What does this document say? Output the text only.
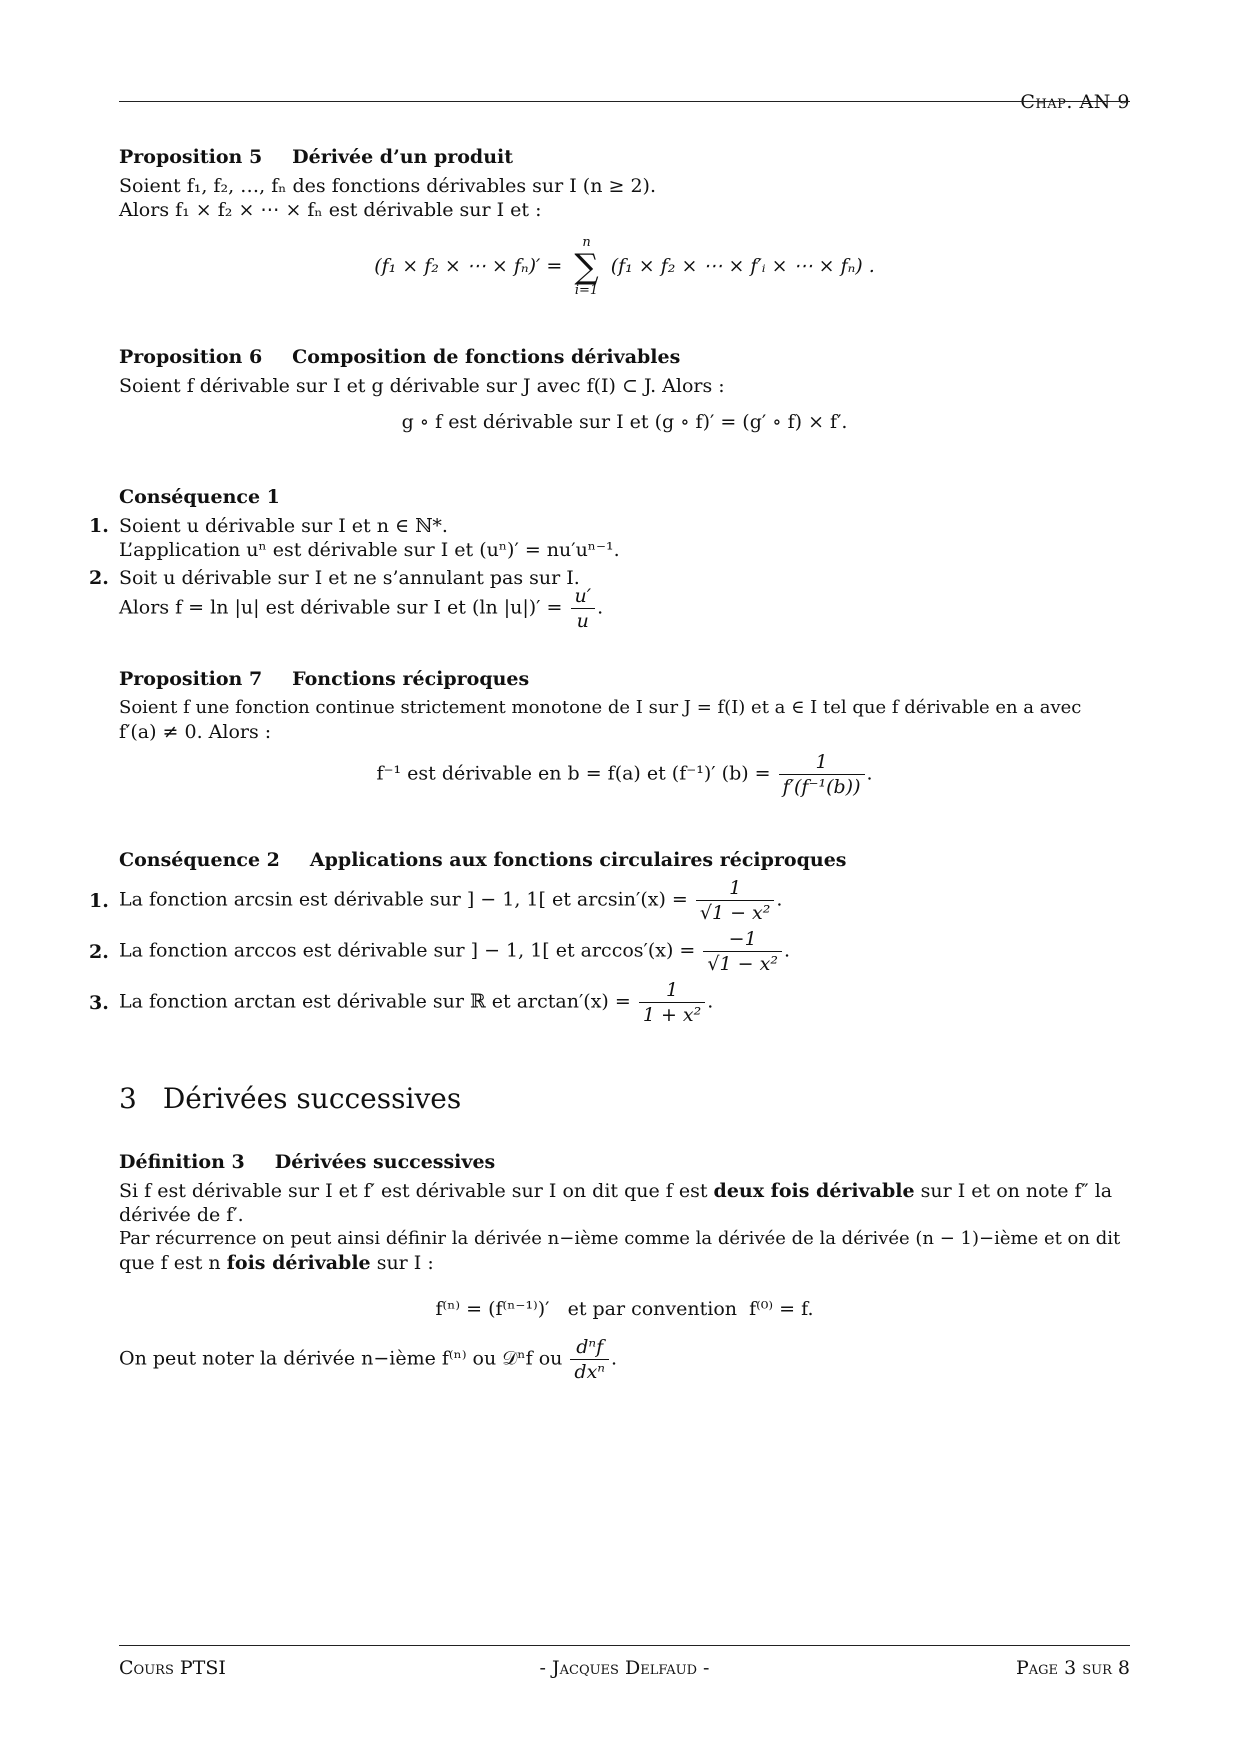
Chap. AN 9
Proposition 5 Dérivée d’un produit
Soient f₁, f₂, …, fₙ des fonctions dérivables sur I (n ≥ 2).
Alors f₁ × f₂ × ⋯ × fₙ est dérivable sur I et :
(f₁ × f₂ × ⋯ × fₙ)′ =
n
∑
i=1
(f₁ × f₂ × ⋯ × f′ᵢ × ⋯ × fₙ) .
Proposition 6 Composition de fonctions dérivables
Soient f dérivable sur I et g dérivable sur J avec f(I) ⊂ J. Alors :
g ∘ f est dérivable sur I et (g ∘ f)′ = (g′ ∘ f) × f′.
Conséquence 1
1. Soient u dérivable sur I et n ∈ ℕ*.
L’application uⁿ est dérivable sur I et (uⁿ)′ = nu′uⁿ⁻¹.
2. Soit u dérivable sur I et ne s’annulant pas sur I.
Alors f = ln |u| est dérivable sur I et (ln $|u|)' = \frac{u'}{u}$ .
Proposition 7 Fonctions réciproques
Soient f une fonction continue strictement monotone de I sur J = f(I) et a ∈ I tel que f dérivable en a avec
f′(a) ≠ 0. Alors :
f⁻¹ est dérivable en b = f(a) et (f⁻¹)′ $(b) = \frac{1}{\text{f′(f⁻¹(b))}}$ .
Conséquence 2 Applications aux fonctions circulaires réciproques
1. La fonction arcsin est dérivable sur ] − 1, 1[ et $\arcsin'(x) = \frac{1}{\text{√1 − x²}}$ .
2. La fonction arccos est dérivable sur ] − 1, 1[ et $\arccos'(x) = \frac{-1}{\text{√1 − x²}}$ .
3. La fonction arctan est dérivable sur ℝ et $\arctan'(x) = \frac{1}{\text{1 + x²}}$ .
3 Dérivées successives
Définition 3 Dérivées successives
Si f est dérivable sur I et f′ est dérivable sur I on dit que f est deux fois dérivable sur I et on note f″ la
dérivée de f′.
Par récurrence on peut ainsi définir la dérivée n−ième comme la dérivée de la dérivée (n − 1)−ième et on dit
que f est n fois dérivable sur I :
f⁽ⁿ⁾ = (f⁽ⁿ⁻¹⁾)′   et par convention  f⁽⁰⁾ = f.
On peut noter la dérivée n−ième f⁽ⁿ⁾ ou 𝒟ⁿf ou $\frac{\text{dⁿf}}{\text{dxⁿ}}$ .
Cours PTSI	- Jacques Delfaud -	Page 3 sur 8
